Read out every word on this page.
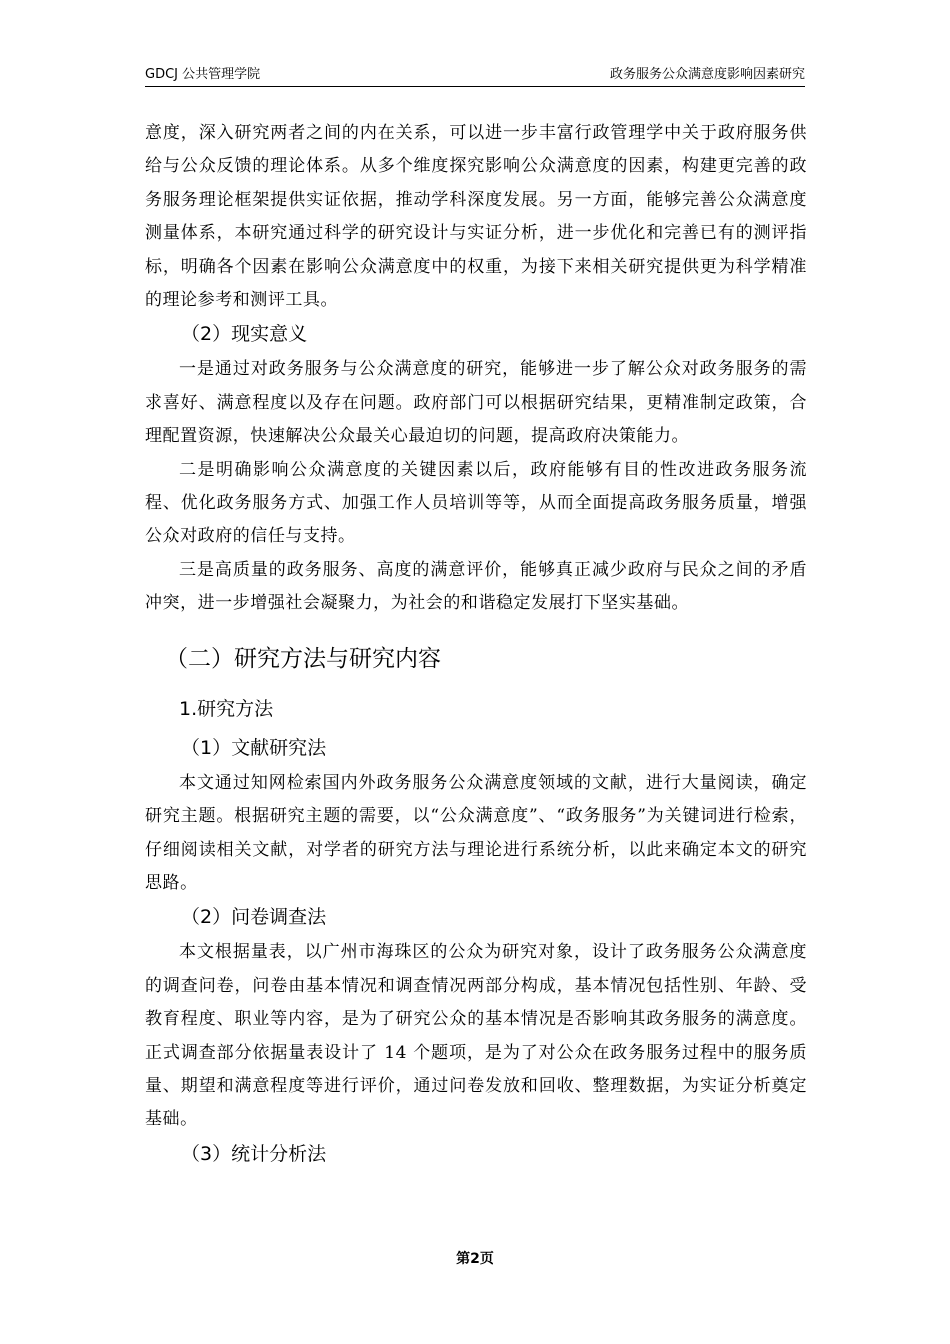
GDCJ 公共管理学院	政务服务公众满意度影响因素研究

意度，深入研究两者之间的内在关系，可以进一步丰富行政管理学中关于政府服务供给与公众反馈的理论体系。从多个维度探究影响公众满意度的因素，构建更完善的政务服务理论框架提供实证依据，推动学科深度发展。另一方面，能够完善公众满意度测量体系，本研究通过科学的研究设计与实证分析，进一步优化和完善已有的测评指标，明确各个因素在影响公众满意度中的权重，为接下来相关研究提供更为科学精准的理论参考和测评工具。

（2）现实意义

一是通过对政务服务与公众满意度的研究，能够进一步了解公众对政务服务的需求喜好、满意程度以及存在问题。政府部门可以根据研究结果，更精准制定政策，合理配置资源，快速解决公众最关心最迫切的问题，提高政府决策能力。

二是明确影响公众满意度的关键因素以后，政府能够有目的性改进政务服务流程、优化政务服务方式、加强工作人员培训等等，从而全面提高政务服务质量，增强公众对政府的信任与支持。

三是高质量的政务服务、高度的满意评价，能够真正减少政府与民众之间的矛盾冲突，进一步增强社会凝聚力，为社会的和谐稳定发展打下坚实基础。

（二）研究方法与研究内容
1.研究方法
（1）文献研究法

本文通过知网检索国内外政务服务公众满意度领域的文献，进行大量阅读，确定研究主题。根据研究主题的需要，以“公众满意度”、“政务服务”为关键词进行检索，仔细阅读相关文献，对学者的研究方法与理论进行系统分析，以此来确定本文的研究思路。

（2）问卷调查法

本文根据量表，以广州市海珠区的公众为研究对象，设计了政务服务公众满意度的调查问卷，问卷由基本情况和调查情况两部分构成，基本情况包括性别、年龄、受教育程度、职业等内容，是为了研究公众的基本情况是否影响其政务服务的满意度。正式调查部分依据量表设计了 14 个题项，是为了对公众在政务服务过程中的服务质量、期望和满意程度等进行评价，通过问卷发放和回收、整理数据，为实证分析奠定基础。

（3）统计分析法
第2页
